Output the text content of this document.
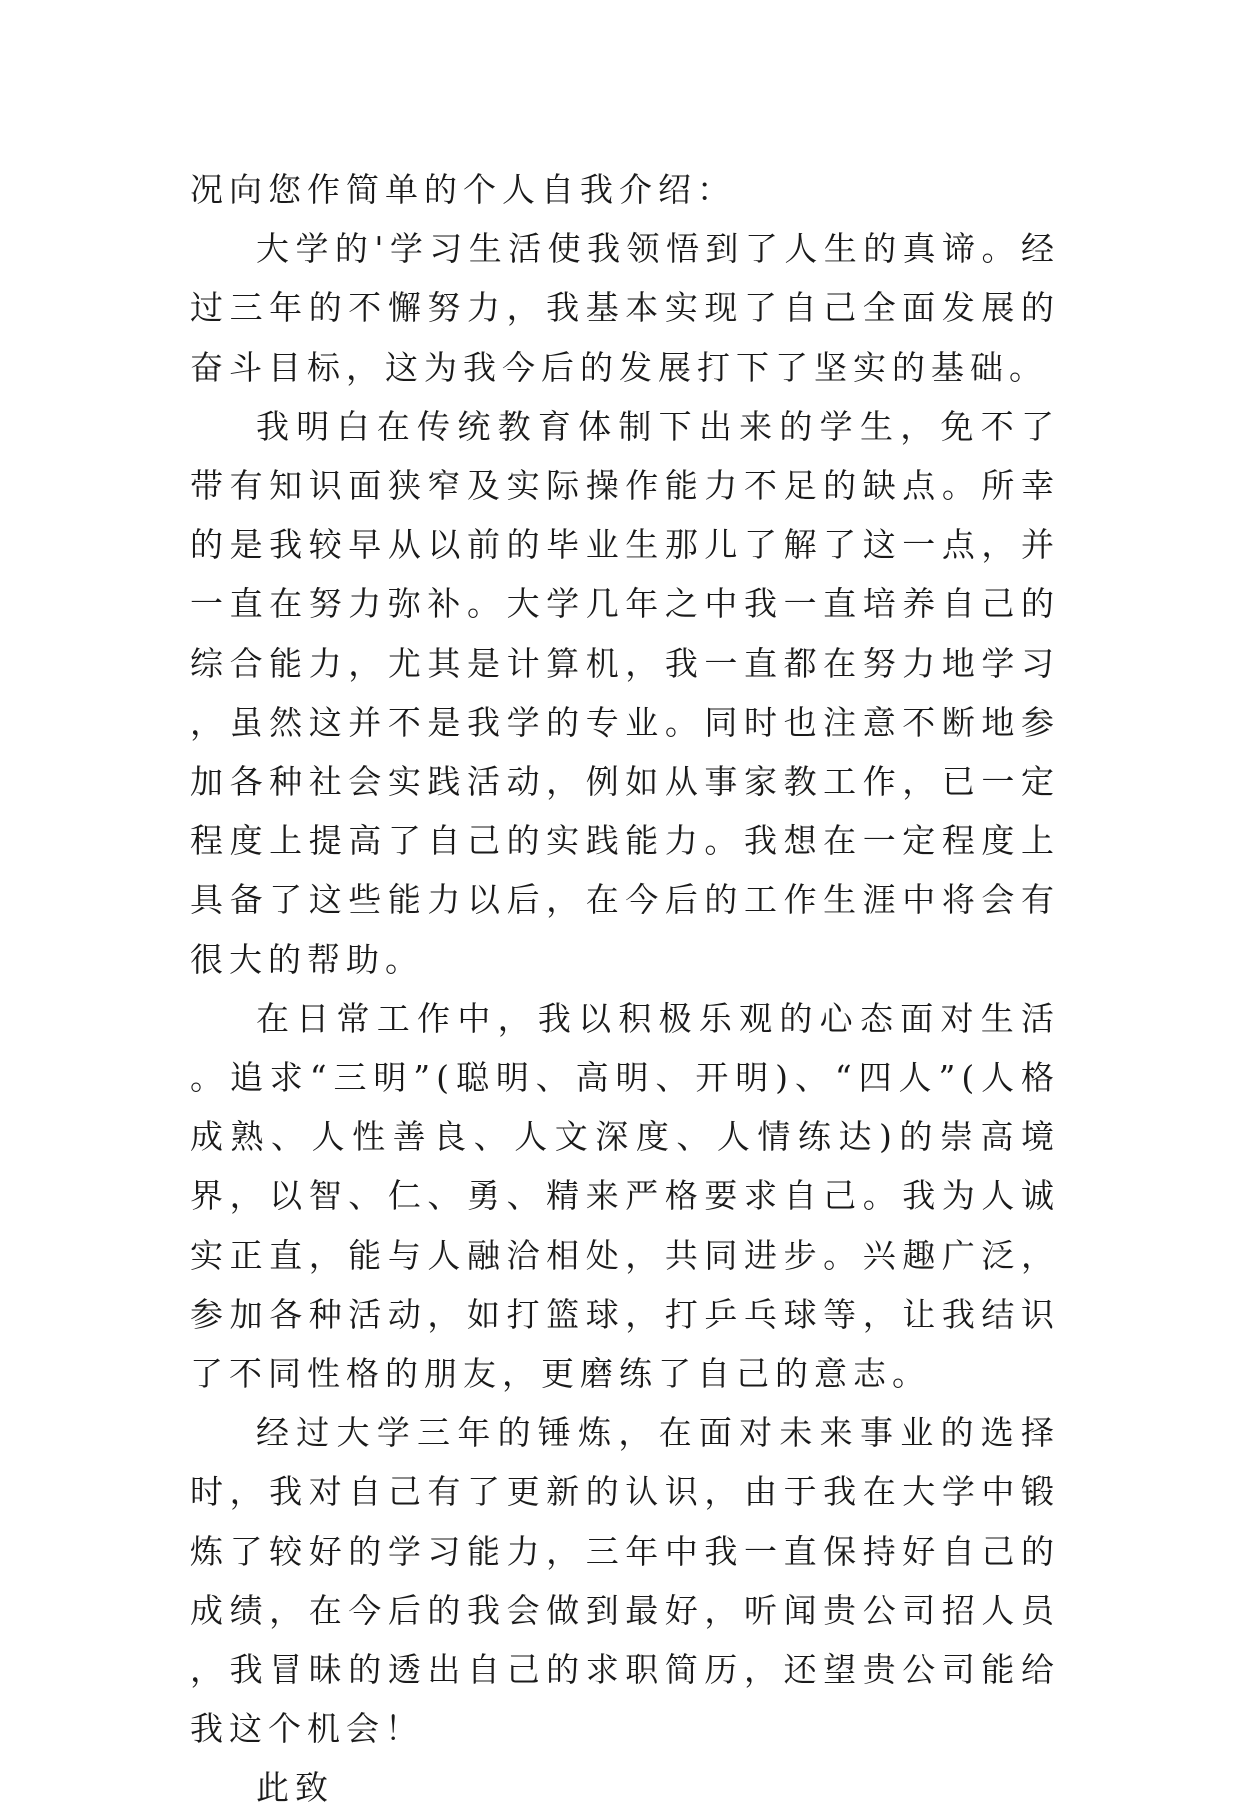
况向您作简单的个人自我介绍：

大学的'学习生活使我领悟到了人生的真谛。经过三年的不懈努力，我基本实现了自己全面发展的奋斗目标，这为我今后的发展打下了坚实的基础。

我明白在传统教育体制下出来的学生，免不了带有知识面狭窄及实际操作能力不足的缺点。所幸的是我较早从以前的毕业生那儿了解了这一点，并一直在努力弥补。大学几年之中我一直培养自己的综合能力，尤其是计算机，我一直都在努力地学习，虽然这并不是我学的专业。同时也注意不断地参加各种社会实践活动，例如从事家教工作，已一定程度上提高了自己的实践能力。我想在一定程度上具备了这些能力以后，在今后的工作生涯中将会有很大的帮助。

在日常工作中，我以积极乐观的心态面对生活。追求“三明”(聪明、高明、开明)、“四人”(人格成熟、人性善良、人文深度、人情练达)的崇高境界，以智、仁、勇、精来严格要求自己。我为人诚实正直，能与人融洽相处，共同进步。兴趣广泛，参加各种活动，如打篮球，打乒乓球等，让我结识了不同性格的朋友，更磨练了自己的意志。

经过大学三年的锤炼，在面对未来事业的选择时，我对自己有了更新的认识，由于我在大学中锻炼了较好的学习能力，三年中我一直保持好自己的成绩，在今后的我会做到最好，听闻贵公司招人员，我冒昧的透出自己的求职简历，还望贵公司能给我这个机会！

此致
